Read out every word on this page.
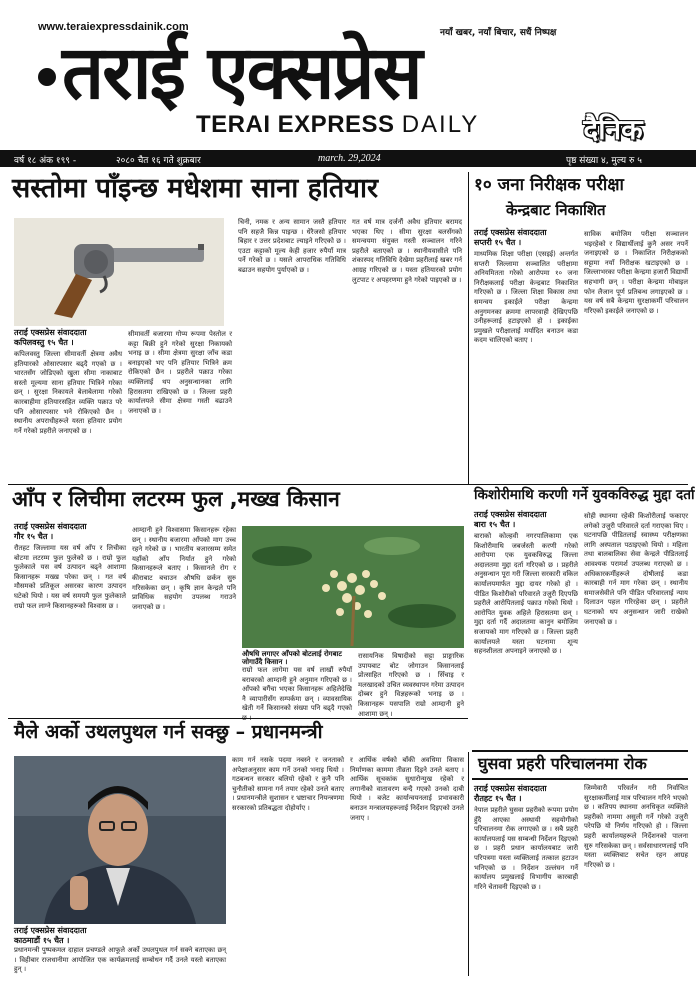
www.teraiexpressdainik.com	नयाँ खबर, नयाँ बिचार, सधैं निष्पक्ष
तराई एक्सप्रेस
TERAI EXPRESS DAILY	दैनिक
वर्ष १८ अंक १९९ -	२०८० चैत १६ गते शुक्रबार	march. 29,2024	पृष्ठ संख्या ४, मुल्य रु ५
सस्तोमा पाँइन्छ मधेशमा साना हतियार
तराई एक्सप्रेस संवाददाता
कपिलवस्तु १५ चैत ।
कपिलवस्तु जिल्ला सीमावर्ती क्षेत्रमा अवैध हतियारको ओसारपसार बढ्दै गएको छ । भारतसँग जोडिएको खुला सीमा नाकाबाट सस्तो मूल्यमा साना हतियार भित्रिने गरेका छन् । सुरक्षा निकायले बेलाबेलामा गरेको कारबाहीमा हतियारसहित व्यक्ति पक्राउ परे पनि ओसारपसार भने रोकिएको छैन । स्थानीय अपराधीहरूले यस्ता हतियार प्रयोग गर्ने गरेको प्रहरीले जनाएको छ ।
सीमावर्ती बजारमा गोप्य रूपमा पेस्तोल र कट्टा बिक्री हुने गरेको सुरक्षा निकायको भनाइ छ । सीमा क्षेत्रमा सुरक्षा जाँच कडा बनाइएको भए पनि हतियार भित्रिने क्रम रोकिएको छैन । प्रहरीले पक्राउ गरेका व्यक्तिलाई थप अनुसन्धानका लागि हिरासतमा राखिएको छ । जिल्ला प्रहरी कार्यालयले सीमा क्षेत्रमा गस्ती बढाउने जनाएको छ ।
चिनी, नमक र अन्य सामान जस्तै हतियार पनि सहजै किन्न पाइन्छ । धेरैजसो हतियार बिहार र उत्तर प्रदेशबाट ल्याइने गरिएको छ । एउटा कट्टाको मूल्य केही हजार रुपैयाँ मात्र पर्ने गरेको छ । यसले आपराधिक गतिविधि बढाउन सहयोग पुर्याएको छ ।
गत वर्ष मात्र दर्जनौं अवैध हतियार बरामद भएका थिए । सीमा सुरक्षा बलसँगको समन्वयमा संयुक्त गस्ती सञ्चालन गरिने प्रहरीले बताएको छ । स्थानीयवासीले पनि शंकास्पद गतिविधि देखेमा प्रहरीलाई खबर गर्न आग्रह गरिएको छ । यस्ता हतियारको प्रयोग लुटपाट र अपहरणमा हुने गरेको पाइएको छ ।
१० जना निरीक्षक परीक्षा
केन्द्रबाट निकाशित
तराई एक्सप्रेस संवाददाता
सप्तरी १५ चैत ।
माध्यमिक शिक्षा परीक्षा (एसइई) अन्तर्गत सप्तरी जिल्लामा सञ्चालित परीक्षामा अनियमितता गरेको आरोपमा १० जना निरीक्षकलाई परीक्षा केन्द्रबाट निकाशित गरिएको छ । जिल्ला शिक्षा विकास तथा समन्वय इकाईले परीक्षा केन्द्रमा अनुगमनका क्रममा लापरवाही देखिएपछि उनीहरूलाई हटाइएको हो । इकाईका प्रमुखले परीक्षालाई मर्यादित बनाउन कडा कदम चालिएको बताए ।
साविक बमोजिम परीक्षा सञ्चालन भइरहेको र विद्यार्थीलाई कुनै असर नपर्ने जनाइएको छ । निकाशित निरीक्षकको सट्टामा नयाँ निरीक्षक खटाइएको छ । जिल्लाभरका परीक्षा केन्द्रमा हजारौं विद्यार्थी सहभागी छन् । परीक्षा केन्द्रमा मोबाइल फोन लैजान पूर्ण प्रतिबन्ध लगाइएको छ । यस वर्ष सबै केन्द्रमा सुरक्षाकर्मी परिचालन गरिएको इकाईले जनाएको छ ।
आँप र लिचीमा लटरम्म फुल ,मख्ख किसान
तराई एक्सप्रेस संवाददाता
गौर १५ चैत ।
रौतहट जिल्लामा यस वर्ष आँप र लिचीका बोटमा लटरम्म फुल फुलेको छ । राम्रो फुल फुलेकाले यस वर्ष उत्पादन बढ्ने आशामा किसानहरू मख्ख परेका छन् । गत वर्ष मौसमको प्रतिकूल असरका कारण उत्पादन घटेको थियो । यस वर्ष समयमै फुल फुलेकाले राम्रो फल लाग्ने किसानहरूको विश्वास छ ।
आम्दानी हुने विश्वासमा किसानहरू रहेका छन् । स्थानीय बजारमा आँपको माग उच्च रहने गरेको छ । भारतीय बजारसम्म समेत यहाँको आँप निर्यात हुने गरेको किसानहरूले बताए । किसानले रोग र कीराबाट बचाउन औषधि छर्कन सुरु गरिसकेका छन् । कृषि ज्ञान केन्द्रले पनि प्राविधिक सहयोग उपलब्ध गराउने जनाएको छ ।
औषधि लगाएर आँपको बोटलाई रोगबाट जोगाउँदै किसान ।
राम्रो फल लागेमा यस वर्ष लाखौं रुपैयाँ बराबरको आम्दानी हुने अनुमान गरिएको छ । आँपको बगैंचा भएका किसानहरू अहिलेदेखि नै व्यापारीसँग सम्पर्कमा छन् । व्यावसायिक खेती गर्ने किसानको संख्या पनि बढ्दै गएको
रासायनिक विषादीको सट्टा प्राङ्गारिक उपायबाट बोट जोगाउन किसानलाई प्रोत्साहित गरिएको छ । सिँचाइ र मलखादको उचित व्यवस्थापन गरेमा उत्पादन दोब्बर हुने विज्ञहरूको भनाइ छ । किसानहरू यसपालि राम्रो आम्दानी हुने आशामा छन् ।
किशोरीमाथि करणी गर्ने युवकविरुद्ध मुद्दा दर्ता
तराई एक्सप्रेस संवाददाता
बारा १५ चैत ।
बाराको कोल्हवी नगरपालिकामा एक किशोरीमाथि जबर्जस्ती करणी गरेको आरोपमा एक युवकविरुद्ध जिल्ला अदालतमा मुद्दा दर्ता गरिएको छ । प्रहरीले अनुसन्धान पूरा गरी जिल्ला सरकारी वकिल कार्यालयमार्फत मुद्दा दायर गरेको हो । पीडित किशोरीको परिवारले उजुरी दिएपछि प्रहरीले आरोपितलाई पक्राउ गरेको थियो । आरोपित युवक अहिले हिरासतमा छन् । मुद्दा दर्ता गर्दै अदालतमा कानुन बमोजिम सजायको माग गरिएको छ । जिल्ला प्रहरी कार्यालयले यस्ता घटनामा शून्य सहनशीलता अपनाइने जनाएको छ ।
सोही स्थानमा रहेकी किशोरीलाई फकाएर लगेको उजुरी परिवारले दर्ता गराएका थिए । घटनापछि पीडितलाई स्वास्थ्य परीक्षणका लागि अस्पताल पठाइएको थियो । महिला तथा बालबालिका सेवा केन्द्रले पीडितलाई आवश्यक परामर्श उपलब्ध गराएको छ । अधिकारकर्मीहरूले दोषीलाई कडा कारबाही गर्न माग गरेका छन् । स्थानीय समाजसेवीले पनि पीडित परिवारलाई न्याय दिलाउन पहल गरिरहेका छन् । प्रहरीले घटनाको थप अनुसन्धान जारी राखेको जनाएको छ ।
मैले अर्को उथलपुथल गर्न सक्छु – प्रधानमन्त्री
तराई एक्सप्रेस संवाददाता
काठमाडौं १५ चैत ।
प्रधानमन्त्री पुष्पकमल दाहाल प्रचण्डले आफूले अर्को उथलपुथल गर्न सक्ने बताएका छन् । विहीबार राजधानीमा आयोजित एक कार्यक्रमलाई सम्बोधन गर्दै उनले यस्तो बताएका हुन् ।
काम गर्न नसके पदमा नबस्ने र जनताको अपेक्षाअनुसार काम गर्ने उनको भनाइ थियो । गठबन्धन सरकार बलियो रहेको र कुनै पनि चुनौतीको सामना गर्न तयार रहेको उनले बताए । प्रधानमन्त्रीले सुशासन र भ्रष्टाचार नियन्त्रणमा सरकारको प्रतिबद्धता दोहोर्याए ।
र आर्थिक वर्षको बाँकी अवधिमा विकास निर्माणका काममा तीव्रता दिइने उनले बताए । आर्थिक सूचकांक सुधारोन्मुख रहेको र लगानीको वातावरण बन्दै गएको उनको दाबी थियो । बजेट कार्यान्वयनलाई प्रभावकारी बनाउन मन्त्रालयहरूलाई निर्देशन दिइएको उनले जनाए ।
घुसवा प्रहरी परिचालनमा रोक
तराई एक्सप्रेस संवाददाता
रौतहट १५ चैत ।
नेपाल प्रहरीले घुसवा प्रहरीको रूपमा प्रयोग हुँदै आएका अस्थायी सहयोगीको परिचालनमा रोक लगाएको छ । सबै प्रहरी कार्यालयलाई यस सम्बन्धी निर्देशन दिइएको छ । प्रहरी प्रधान कार्यालयबाट जारी परिपत्रमा यस्ता व्यक्तिलाई तत्काल हटाउन भनिएको छ । निर्देशन उल्लंघन गर्ने कार्यालय प्रमुखलाई विभागीय कारबाही गरिने चेतावनी दिइएको छ ।
जिम्मेवारी परिवर्तन गरी निर्वाचित सुरक्षाकर्मीलाई मात्र परिचालन गरिने भएको छ । कतिपय स्थानमा अनधिकृत व्यक्तिले प्रहरीको नाममा असुली गर्ने गरेको उजुरी परेपछि यो निर्णय गरिएको हो । जिल्ला प्रहरी कार्यालयहरूले निर्देशनको पालना सुरु गरिसकेका छन् । सर्वसाधारणलाई पनि यस्ता व्यक्तिबाट सचेत रहन आग्रह गरिएको छ ।
